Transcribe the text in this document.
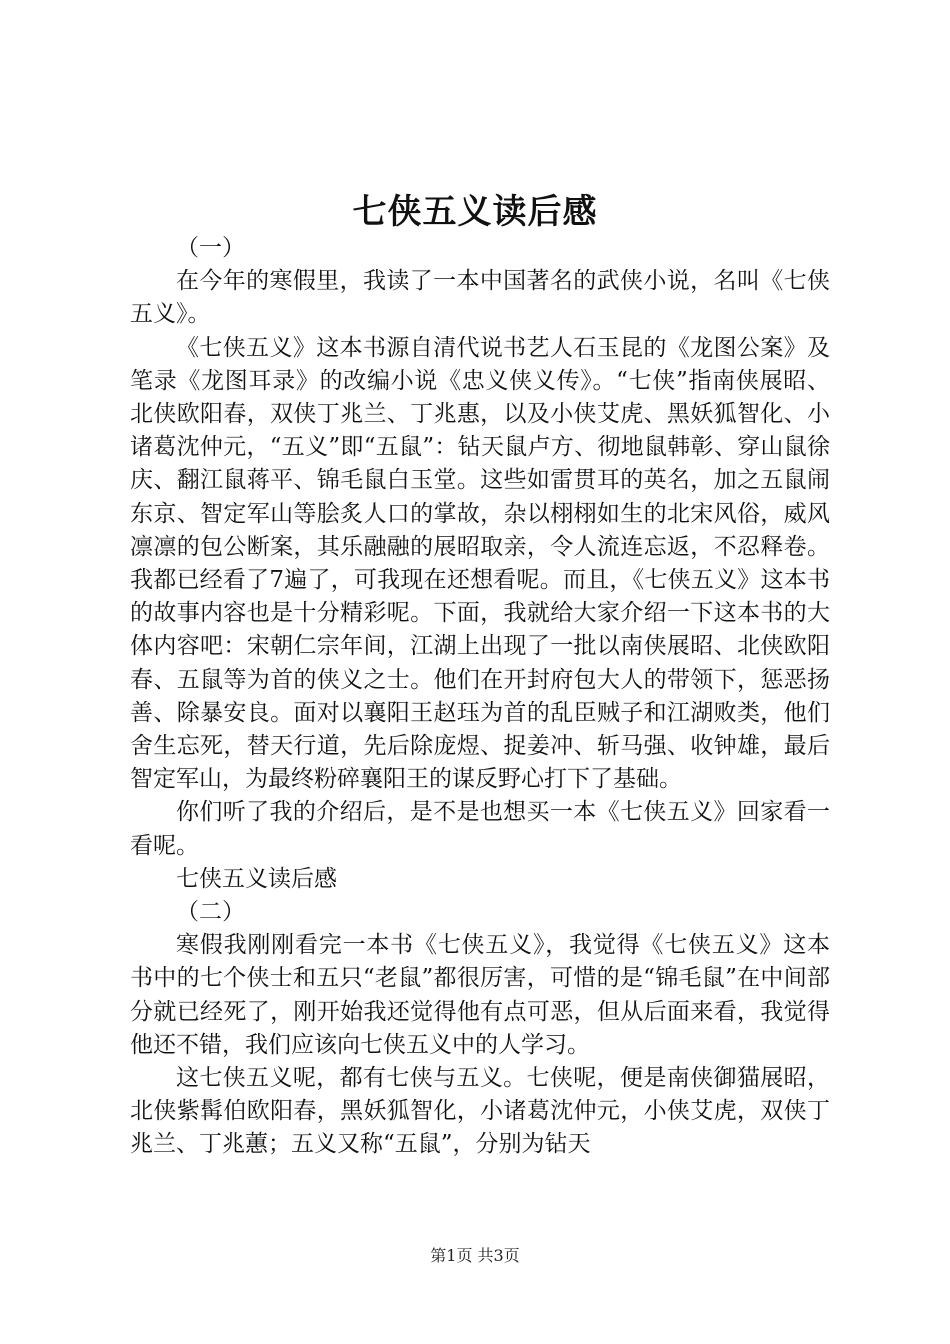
七侠五义读后感

（一）

在今年的寒假里，我读了一本中国著名的武侠小说，名叫《七侠五义》。

《七侠五义》这本书源自清代说书艺人石玉昆的《龙图公案》及笔录《龙图耳录》的改编小说《忠义侠义传》。“七侠”指南侠展昭、北侠欧阳春，双侠丁兆兰、丁兆惠，以及小侠艾虎、黑妖狐智化、小诸葛沈仲元，“五义”即“五鼠”：钻天鼠卢方、彻地鼠韩彰、穿山鼠徐庆、翻江鼠蒋平、锦毛鼠白玉堂。这些如雷贯耳的英名，加之五鼠闹东京、智定军山等脍炙人口的掌故，杂以栩栩如生的北宋风俗，威风凛凛的包公断案，其乐融融的展昭取亲，令人流连忘返，不忍释卷。我都已经看了7遍了，可我现在还想看呢。而且，《七侠五义》这本书的故事内容也是十分精彩呢。下面，我就给大家介绍一下这本书的大体内容吧：宋朝仁宗年间，江湖上出现了一批以南侠展昭、北侠欧阳春、五鼠等为首的侠义之士。他们在开封府包大人的带领下，惩恶扬善、除暴安良。面对以襄阳王赵珏为首的乱臣贼子和江湖败类，他们舍生忘死，替天行道，先后除庞煜、捉姜冲、斩马强、收钟雄，最后智定军山，为最终粉碎襄阳王的谋反野心打下了基础。

你们听了我的介绍后，是不是也想买一本《七侠五义》回家看一看呢。

七侠五义读后感

（二）

寒假我刚刚看完一本书《七侠五义》，我觉得《七侠五义》这本书中的七个侠士和五只“老鼠”都很厉害，可惜的是“锦毛鼠”在中间部分就已经死了，刚开始我还觉得他有点可恶，但从后面来看，我觉得他还不错，我们应该向七侠五义中的人学习。

这七侠五义呢，都有七侠与五义。七侠呢，便是南侠御猫展昭，北侠紫髯伯欧阳春，黑妖狐智化，小诸葛沈仲元，小侠艾虎，双侠丁兆兰、丁兆蕙；五义又称“五鼠”，分别为钻天

第1页 共3页
